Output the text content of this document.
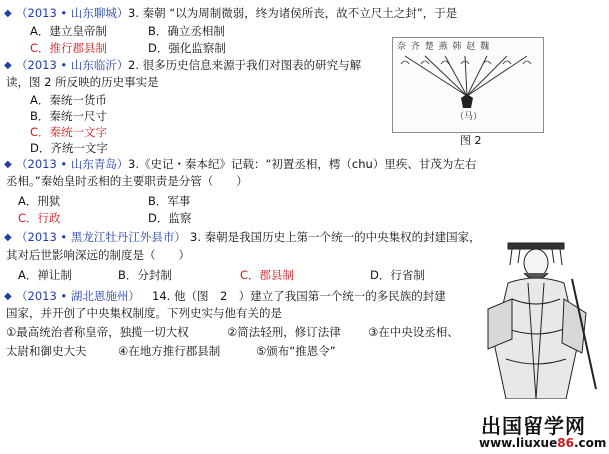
◆ （2013 • 山东聊城） 3. 秦朝 “以为周制微弱，终为诸侯所丧，故不立尺土之封”，于是
A．建立皇帝制	B．确立丞相制
C．推行郡县制	D．强化监察制
◆ （2013 • 山东临沂） 2. 很多历史信息来源于我们对图表的研究与解
读，图 2 所反映的历史事实是
A．秦统一货币
B．秦统一尺寸
C．秦统一文字
D．齐统一文字
奈 齐 楚 燕 韩 赵 魏
（马）
图 2
◆ （2013 • 山东青岛） 3.《史记・秦本纪》记载：“初置丞相，樗（chu）里疾、甘茂为左右
丞相。”秦始皇时丞相的主要职责是分管（　　）
A．刑狱	B．军事
C．行政	D．监察
◆ （2013 • 黑龙江牡丹江外县市） 3. 秦朝是我国历史上第一个统一的中央集权的封建国家，
其对后世影响深远的制度是（　　）
A．禅让制	B．分封制	C．郡县制	D．行省制
◆ （2013 • 湖北恩施州） 14. 他（图　2　）建立了我国第一个统一的多民族的封建
国家，并开创了中央集权制度。下列史实与他有关的是
①最高统治者称皇帝，独揽一切大权	②简法轻刑，修订法律 ③在中央设丞相、
太尉和御史大夫	④在地方推行郡县制	⑤颁布“推恩令”
出国留学网
www.liuxue86.com
